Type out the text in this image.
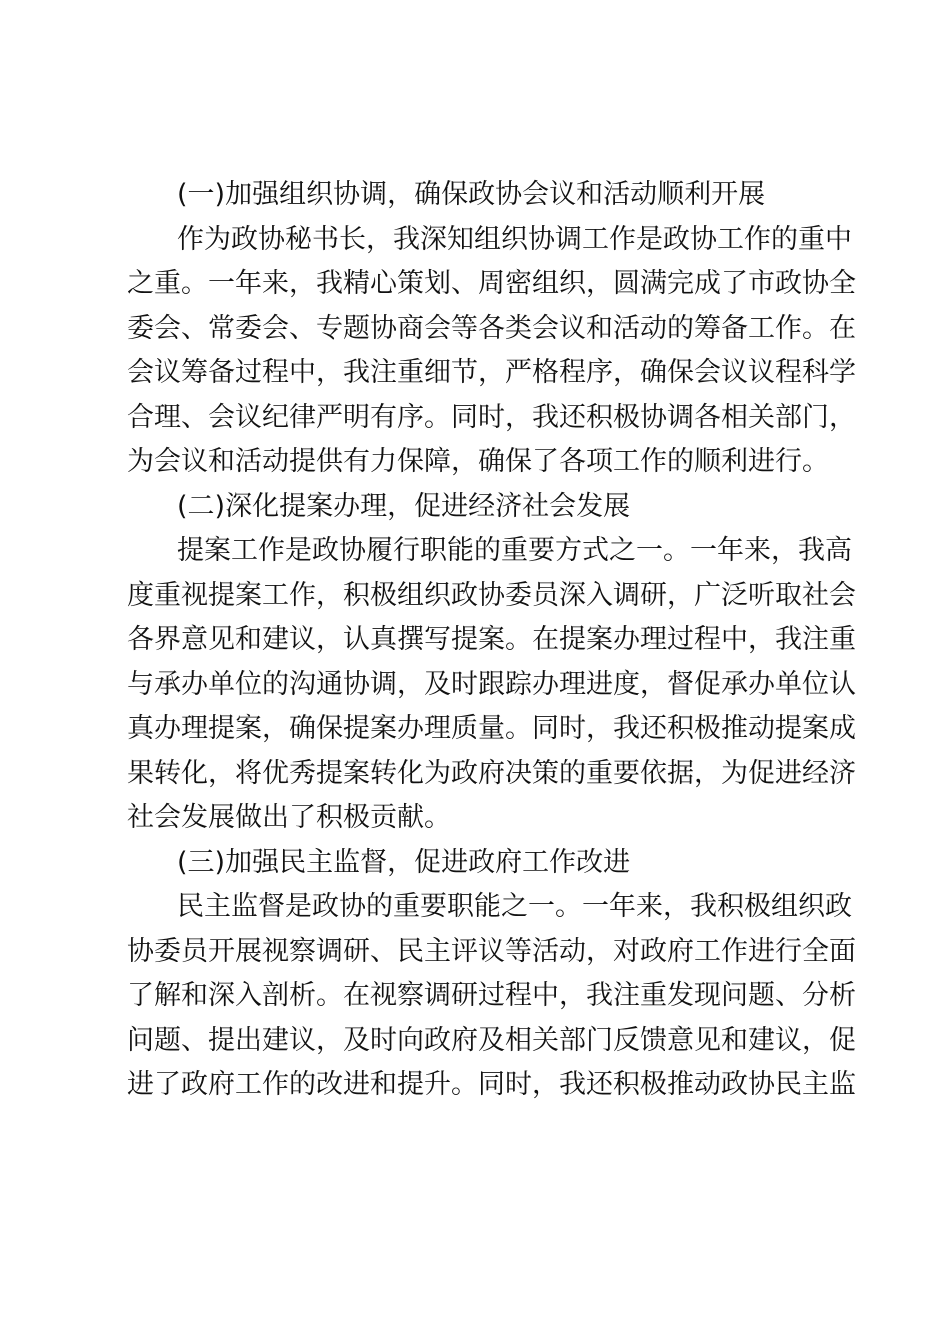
(一)加强组织协调，确保政协会议和活动顺利开展
作为政协秘书长，我深知组织协调工作是政协工作的重中
之重。一年来，我精心策划、周密组织，圆满完成了市政协全
委会、常委会、专题协商会等各类会议和活动的筹备工作。在
会议筹备过程中，我注重细节，严格程序，确保会议议程科学
合理、会议纪律严明有序。同时，我还积极协调各相关部门，
为会议和活动提供有力保障，确保了各项工作的顺利进行。
(二)深化提案办理，促进经济社会发展
提案工作是政协履行职能的重要方式之一。一年来，我高
度重视提案工作，积极组织政协委员深入调研，广泛听取社会
各界意见和建议，认真撰写提案。在提案办理过程中，我注重
与承办单位的沟通协调，及时跟踪办理进度，督促承办单位认
真办理提案，确保提案办理质量。同时，我还积极推动提案成
果转化，将优秀提案转化为政府决策的重要依据，为促进经济
社会发展做出了积极贡献。
(三)加强民主监督，促进政府工作改进
民主监督是政协的重要职能之一。一年来，我积极组织政
协委员开展视察调研、民主评议等活动，对政府工作进行全面
了解和深入剖析。在视察调研过程中，我注重发现问题、分析
问题、提出建议，及时向政府及相关部门反馈意见和建议，促
进了政府工作的改进和提升。同时，我还积极推动政协民主监
